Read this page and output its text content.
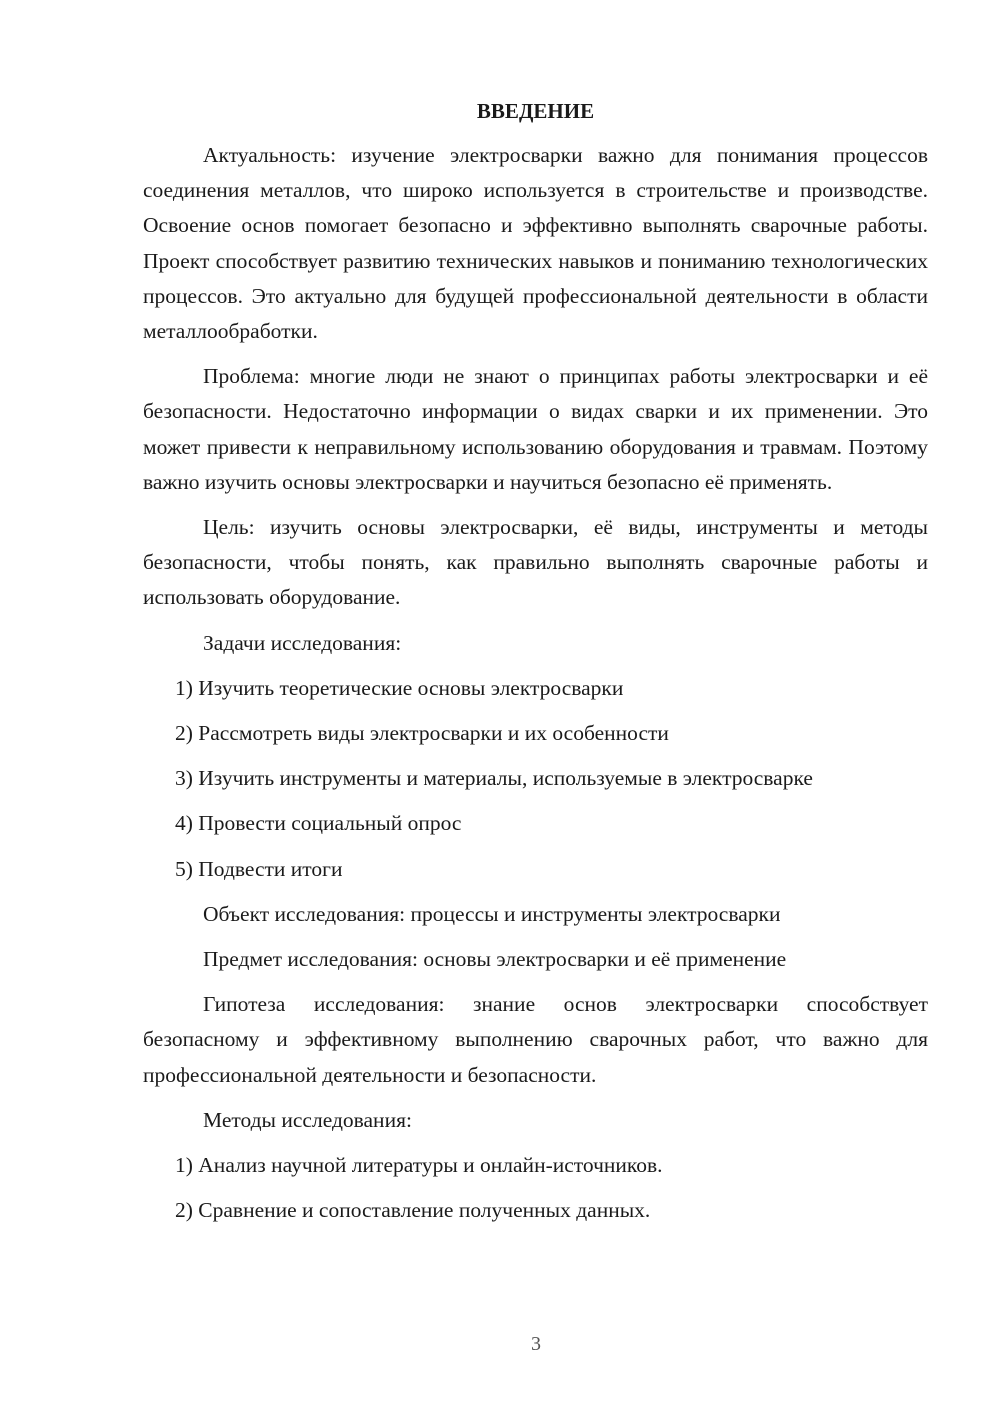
ВВЕДЕНИЕ

Актуальность: изучение электросварки важно для понимания процессов соединения металлов, что широко используется в строительстве и производстве. Освоение основ помогает безопасно и эффективно выполнять сварочные работы. Проект способствует развитию технических навыков и пониманию технологических процессов. Это актуально для будущей профессиональной деятельности в области металлообработки.

Проблема: многие люди не знают о принципах работы электросварки и её безопасности. Недостаточно информации о видах сварки и их применении. Это может привести к неправильному использованию оборудования и травмам. Поэтому важно изучить основы электросварки и научиться безопасно её применять.

Цель: изучить основы электросварки, её виды, инструменты и методы безопасности, чтобы понять, как правильно выполнять сварочные работы и использовать оборудование.

Задачи исследования:
1) Изучить теоретические основы электросварки
2) Рассмотреть виды электросварки и их особенности
3) Изучить инструменты и материалы, используемые в электросварке
4) Провести социальный опрос
5) Подвести итоги
Объект исследования: процессы и инструменты электросварки
Предмет исследования: основы электросварки и её применение

Гипотеза исследования: знание основ электросварки способствует безопасному и эффективному выполнению сварочных работ, что важно для профессиональной деятельности и безопасности.

Методы исследования:
1) Анализ научной литературы и онлайн-источников.
2) Сравнение и сопоставление полученных данных.
3
